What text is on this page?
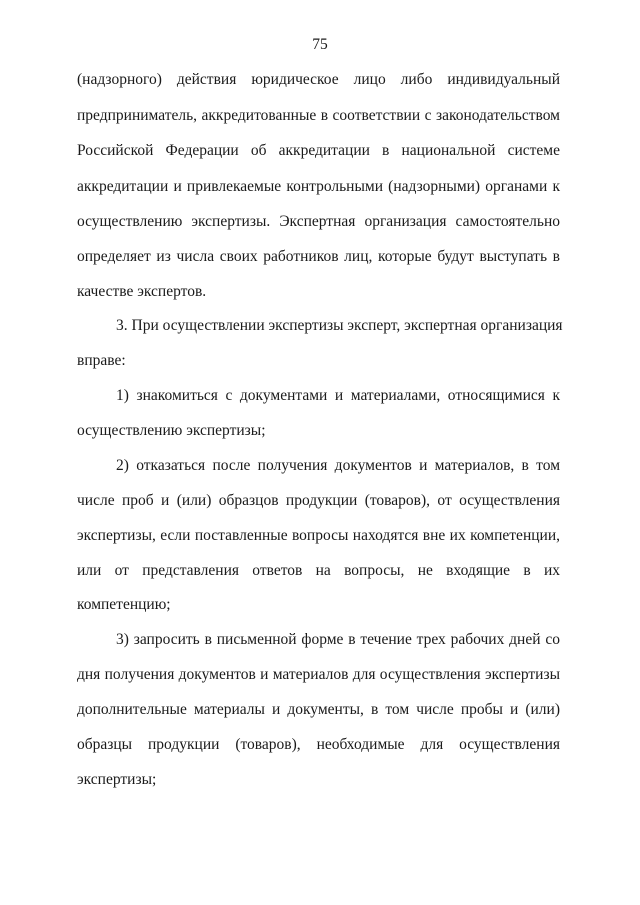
75
(надзорного) действия юридическое лицо либо индивидуальный
предприниматель, аккредитованные в соответствии с законодательством
Российской Федерации об аккредитации в национальной системе
аккредитации и привлекаемые контрольными (надзорными) органами к
осуществлению экспертизы. Экспертная организация самостоятельно
определяет из числа своих работников лиц, которые будут выступать в
качестве экспертов.
3. При осуществлении экспертизы эксперт, экспертная организация
вправе:
1) знакомиться с документами и материалами, относящимися к
осуществлению экспертизы;
2) отказаться после получения документов и материалов, в том
числе проб и (или) образцов продукции (товаров), от осуществления
экспертизы, если поставленные вопросы находятся вне их компетенции,
или от представления ответов на вопросы, не входящие в их
компетенцию;
3) запросить в письменной форме в течение трех рабочих дней со
дня получения документов и материалов для осуществления экспертизы
дополнительные материалы и документы, в том числе пробы и (или)
образцы продукции (товаров), необходимые для осуществления
экспертизы;
